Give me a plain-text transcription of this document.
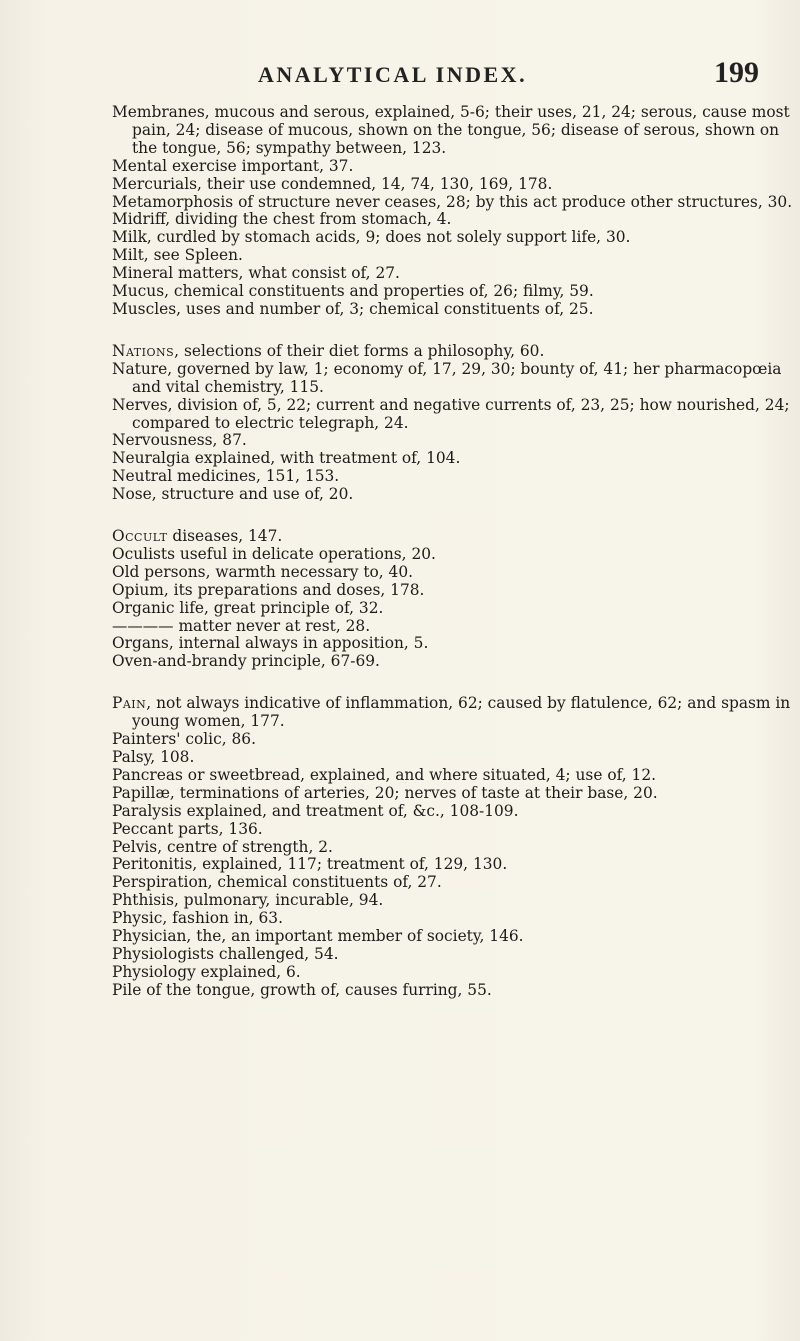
ANALYTICAL INDEX.	199

Membranes, mucous and serous, explained, 5-6; their uses, 21, 24; serous, cause most pain, 24; disease of mucous, shown on the tongue, 56; disease of serous, shown on the tongue, 56; sympathy between, 123.

Mental exercise important, 37.

Mercurials, their use condemned, 14, 74, 130, 169, 178.

Metamorphosis of structure never ceases, 28; by this act produce other structures, 30.

Midriff, dividing the chest from stomach, 4.

Milk, curdled by stomach acids, 9; does not solely support life, 30.

Milt, see Spleen.

Mineral matters, what consist of, 27.

Mucus, chemical constituents and properties of, 26; filmy, 59.

Muscles, uses and number of, 3; chemical constituents of, 25.

Nations, selections of their diet forms a philosophy, 60.

Nature, governed by law, 1; economy of, 17, 29, 30; bounty of, 41; her pharmacopœia and vital chemistry, 115.

Nerves, division of, 5, 22; current and negative currents of, 23, 25; how nourished, 24; compared to electric telegraph, 24.

Nervousness, 87.

Neuralgia explained, with treatment of, 104.

Neutral medicines, 151, 153.

Nose, structure and use of, 20.

Occult diseases, 147.

Oculists useful in delicate operations, 20.

Old persons, warmth necessary to, 40.

Opium, its preparations and doses, 178.

Organic life, great principle of, 32.

———— matter never at rest, 28.

Organs, internal always in apposition, 5.

Oven-and-brandy principle, 67-69.

Pain, not always indicative of inflammation, 62; caused by flatulence, 62; and spasm in young women, 177.

Painters' colic, 86.

Palsy, 108.

Pancreas or sweetbread, explained, and where situated, 4; use of, 12.

Papillæ, terminations of arteries, 20; nerves of taste at their base, 20.

Paralysis explained, and treatment of, &c., 108-109.

Peccant parts, 136.

Pelvis, centre of strength, 2.

Peritonitis, explained, 117; treatment of, 129, 130.

Perspiration, chemical constituents of, 27.

Phthisis, pulmonary, incurable, 94.

Physic, fashion in, 63.

Physician, the, an important member of society, 146.

Physiologists challenged, 54.

Physiology explained, 6.

Pile of the tongue, growth of, causes furring, 55.
